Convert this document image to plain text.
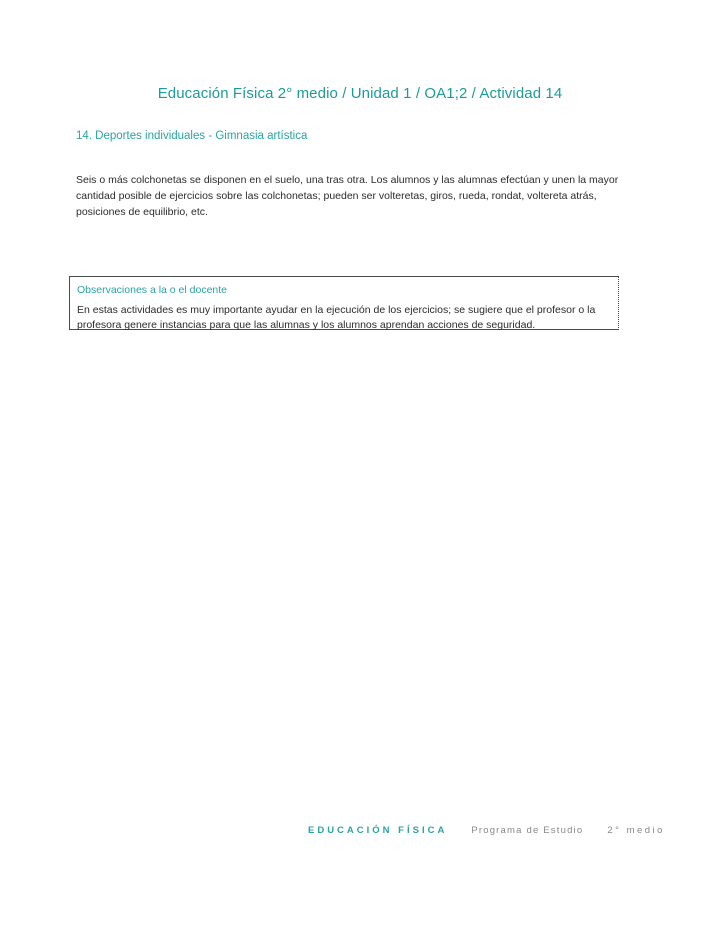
Educación Física 2° medio / Unidad 1 / OA1;2 / Actividad 14
14. Deportes individuales - Gimnasia artística
Seis o más colchonetas se disponen en el suelo, una tras otra. Los alumnos y las alumnas efectúan y unen la mayor cantidad posible de ejercicios sobre las colchonetas; pueden ser volteretas, giros, rueda, rondat, voltereta atrás, posiciones de equilibrio, etc.
Observaciones a la o el docente
En estas actividades es muy importante ayudar en la ejecución de los ejercicios; se sugiere que el profesor o la profesora genere instancias para que las alumnas y los alumnos aprendan acciones de seguridad.
EDUCACIÓN FÍSICA	Programa de Estudio	2° medio
